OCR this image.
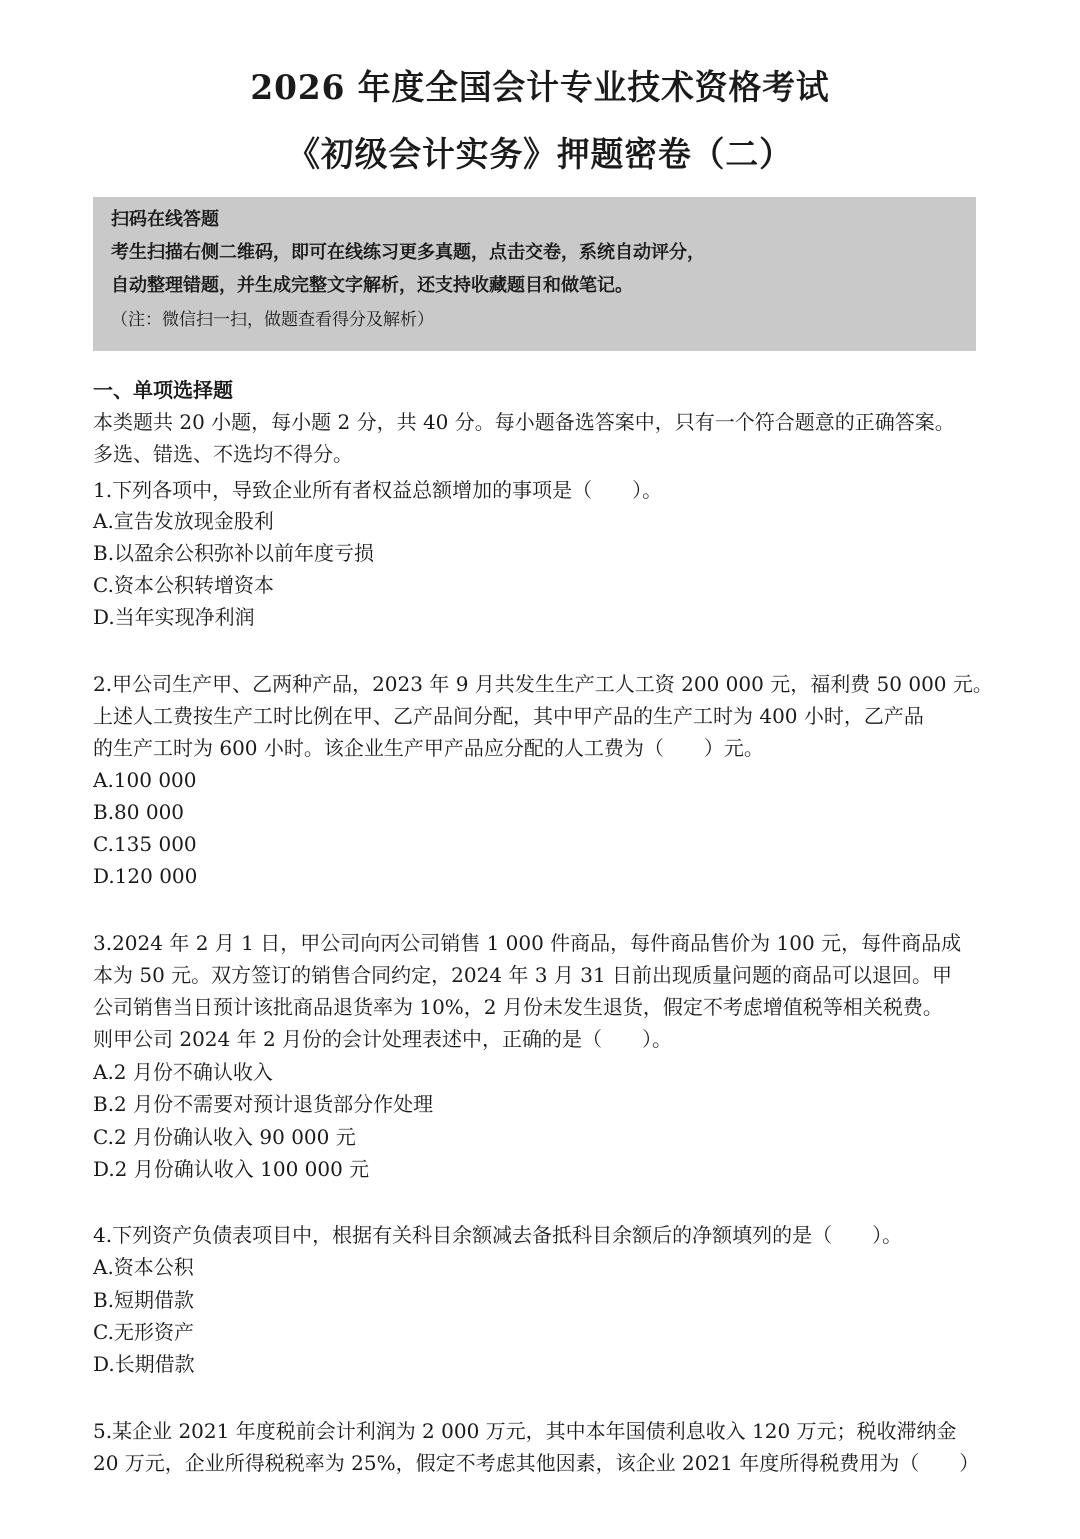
2026 年度全国会计专业技术资格考试
《初级会计实务》押题密卷（二）
扫码在线答题
考生扫描右侧二维码，即可在线练习更多真题，点击交卷，系统自动评分，
自动整理错题，并生成完整文字解析，还支持收藏题目和做笔记。
（注：微信扫一扫，做题查看得分及解析）
一、单项选择题
本类题共 20 小题，每小题 2 分，共 40 分。每小题备选答案中，只有一个符合题意的正确答案。
多选、错选、不选均不得分。
1.下列各项中，导致企业所有者权益总额增加的事项是（　　）。
A.宣告发放现金股利
B.以盈余公积弥补以前年度亏损
C.资本公积转增资本
D.当年实现净利润
2.甲公司生产甲、乙两种产品，2023 年 9 月共发生生产工人工资 200 000 元，福利费 50 000 元。
上述人工费按生产工时比例在甲、乙产品间分配，其中甲产品的生产工时为 400 小时，乙产品
的生产工时为 600 小时。该企业生产甲产品应分配的人工费为（　　）元。
A.100 000
B.80 000
C.135 000
D.120 000
3.2024 年 2 月 1 日，甲公司向丙公司销售 1 000 件商品，每件商品售价为 100 元，每件商品成
本为 50 元。双方签订的销售合同约定，2024 年 3 月 31 日前出现质量问题的商品可以退回。甲
公司销售当日预计该批商品退货率为 10%，2 月份未发生退货，假定不考虑增值税等相关税费。
则甲公司 2024 年 2 月份的会计处理表述中，正确的是（　　）。
A.2 月份不确认收入
B.2 月份不需要对预计退货部分作处理
C.2 月份确认收入 90 000 元
D.2 月份确认收入 100 000 元
4.下列资产负债表项目中，根据有关科目余额减去备抵科目余额后的净额填列的是（　　）。
A.资本公积
B.短期借款
C.无形资产
D.长期借款
5.某企业 2021 年度税前会计利润为 2 000 万元，其中本年国债利息收入 120 万元；税收滞纳金
20 万元，企业所得税税率为 25%，假定不考虑其他因素，该企业 2021 年度所得税费用为（　　）
